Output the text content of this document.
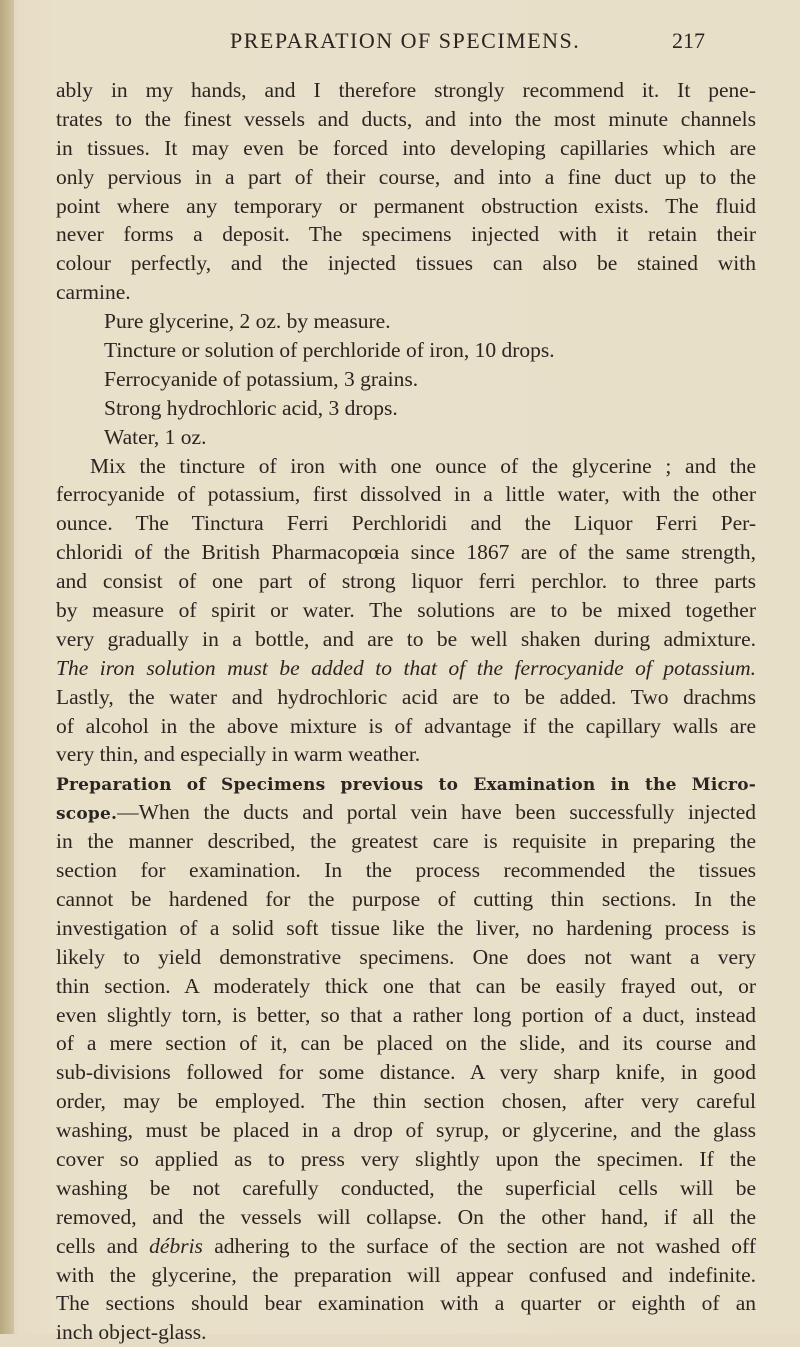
PREPARATION OF SPECIMENS.	217
ably in my hands, and I therefore strongly recommend it. It pene-
trates to the finest vessels and ducts, and into the most minute channels
in tissues. It may even be forced into developing capillaries which are
only pervious in a part of their course, and into a fine duct up to the
point where any temporary or permanent obstruction exists. The fluid
never forms a deposit. The specimens injected with it retain their
colour perfectly, and the injected tissues can also be stained with
carmine.
Pure glycerine, 2 oz. by measure.
Tincture or solution of perchloride of iron, 10 drops.
Ferrocyanide of potassium, 3 grains.
Strong hydrochloric acid, 3 drops.
Water, 1 oz.
Mix the tincture of iron with one ounce of the glycerine ; and the
ferrocyanide of potassium, first dissolved in a little water, with the other
ounce. The Tinctura Ferri Perchloridi and the Liquor Ferri Per-
chloridi of the British Pharmacopœia since 1867 are of the same strength,
and consist of one part of strong liquor ferri perchlor. to three parts
by measure of spirit or water. The solutions are to be mixed together
very gradually in a bottle, and are to be well shaken during admixture.
The iron solution must be added to that of the ferrocyanide of potassium.
Lastly, the water and hydrochloric acid are to be added. Two drachms
of alcohol in the above mixture is of advantage if the capillary walls are
very thin, and especially in warm weather.
Preparation of Specimens previous to Examination in the Micro-
scope.—When the ducts and portal vein have been successfully injected
in the manner described, the greatest care is requisite in preparing the
section for examination. In the process recommended the tissues
cannot be hardened for the purpose of cutting thin sections. In the
investigation of a solid soft tissue like the liver, no hardening process is
likely to yield demonstrative specimens. One does not want a very
thin section. A moderately thick one that can be easily frayed out, or
even slightly torn, is better, so that a rather long portion of a duct, instead
of a mere section of it, can be placed on the slide, and its course and
sub-divisions followed for some distance. A very sharp knife, in good
order, may be employed. The thin section chosen, after very careful
washing, must be placed in a drop of syrup, or glycerine, and the glass
cover so applied as to press very slightly upon the specimen. If the
washing be not carefully conducted, the superficial cells will be
removed, and the vessels will collapse. On the other hand, if all the
cells and débris adhering to the surface of the section are not washed off
with the glycerine, the preparation will appear confused and indefinite.
The sections should bear examination with a quarter or eighth of an
inch object-glass.
